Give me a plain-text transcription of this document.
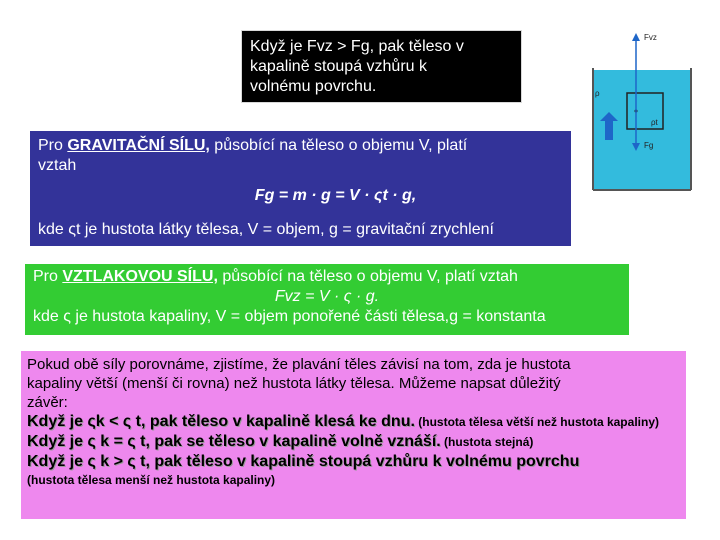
Když je Fvz > Fg, pak těleso v
kapalině stoupá vzhůru k
volnému povrchu.

Pro GRAVITAČNÍ SÍLU, působící na těleso o objemu V, platí
vztah
Fg = m · g = V · ςt · g,
kde ςt je hustota látky tělesa, V = objem, g = gravitační zrychlení
Pro VZTLAKOVOU SÍLU, působící na těleso o objemu V, platí vztah
Fvz = V · ς · g.
kde ς je hustota kapaliny, V = objem ponořené části tělesa,g = konstanta
Pokud obě síly porovnáme, zjistíme, že plavání těles závisí na tom, zda je hustota
kapaliny větší (menší či rovna) než hustota látky tělesa. Můžeme napsat důležitý
závěr:
Když je ςk < ς t, pak těleso v kapalině klesá ke dnu. (hustota tělesa větší než hustota kapaliny)
Když je ς k = ς t, pak se těleso v kapalině volně vznáší. (hustota stejná)
Když je ς k > ς t, pak těleso v kapalině stoupá vzhůru k volnému povrchu
(hustota tělesa menší než hustota kapaliny)
Fvz
Fg
ρ
ρt
